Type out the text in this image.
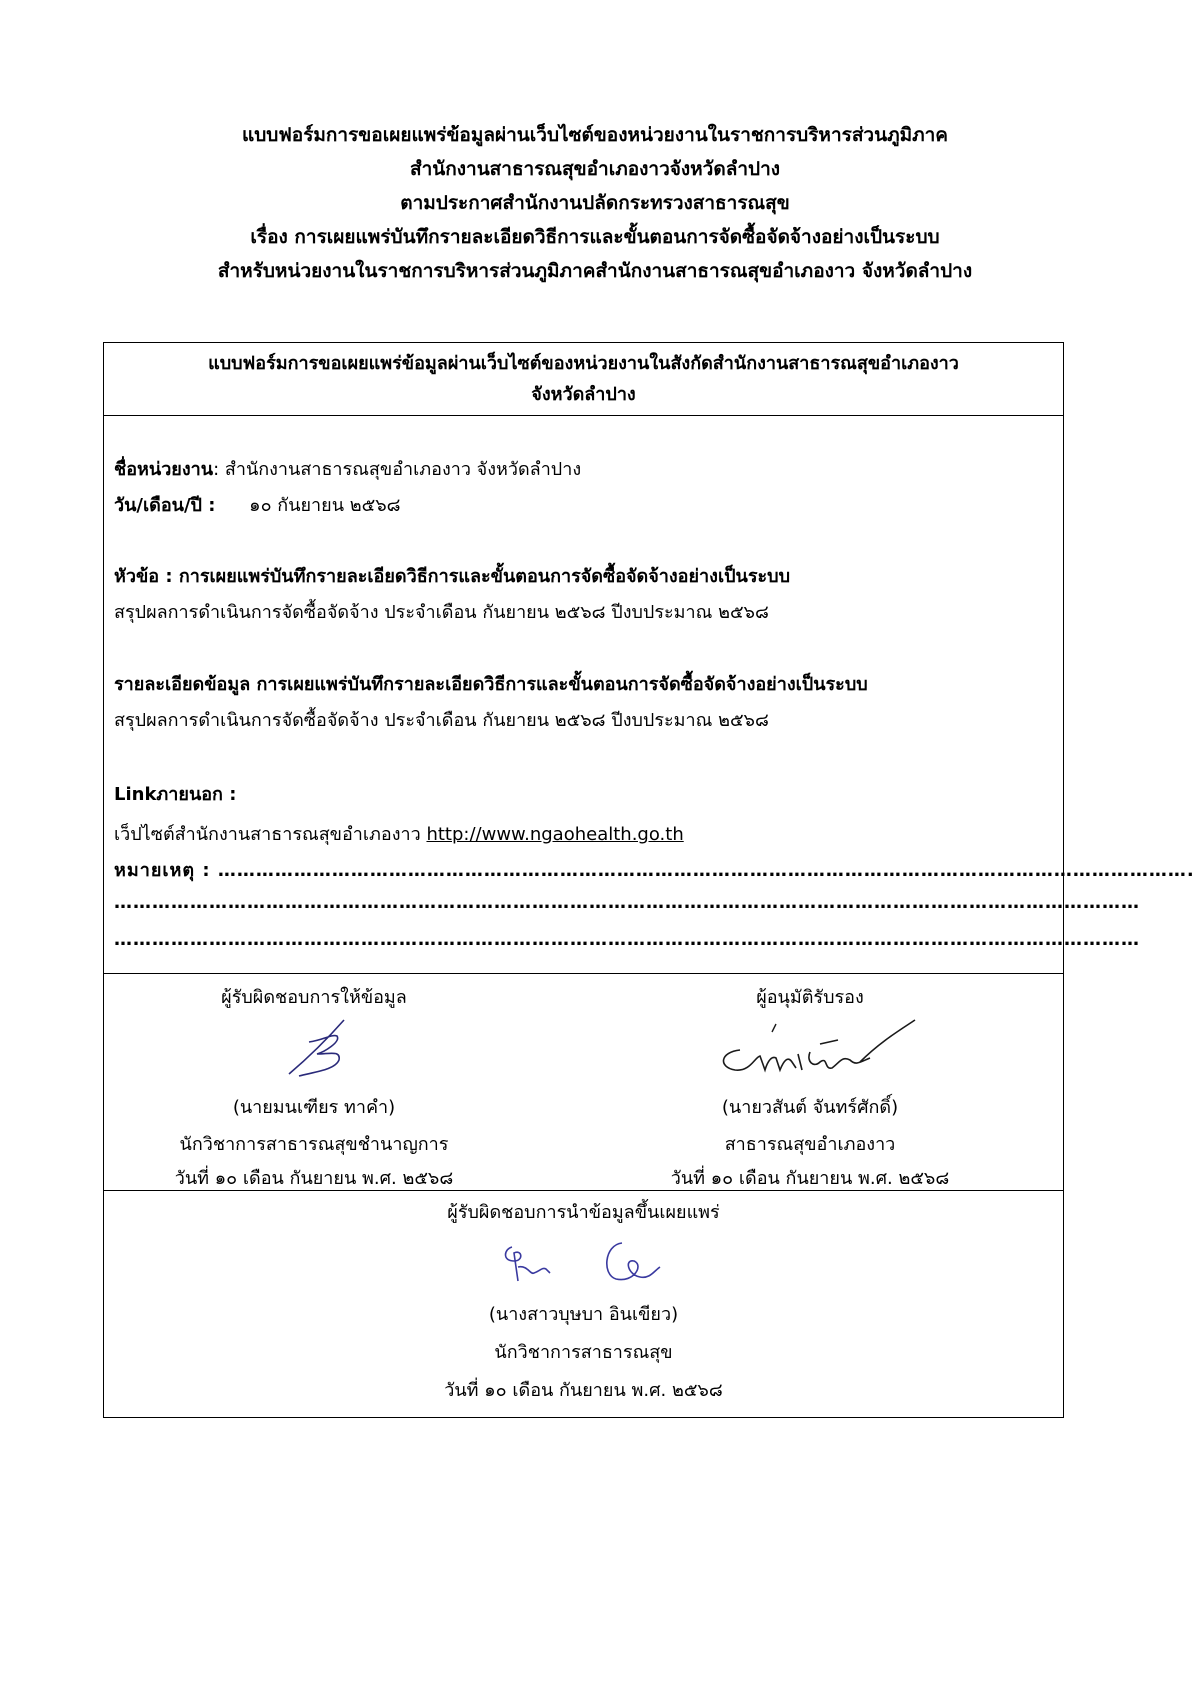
แบบฟอร์มการขอเผยแพร่ข้อมูลผ่านเว็บไซต์ของหน่วยงานในราชการบริหารส่วนภูมิภาค
สำนักงานสาธารณสุขอำเภองาวจังหวัดลำปาง
ตามประกาศสำนักงานปลัดกระทรวงสาธารณสุข
เรื่อง การเผยแพร่บันทึกรายละเอียดวิธีการและขั้นตอนการจัดซื้อจัดจ้างอย่างเป็นระบบ
สำหรับหน่วยงานในราชการบริหารส่วนภูมิภาคสำนักงานสาธารณสุขอำเภองาว จังหวัดลำปาง
แบบฟอร์มการขอเผยแพร่ข้อมูลผ่านเว็บไซต์ของหน่วยงานในสังกัดสำนักงานสาธารณสุขอำเภองาว
จังหวัดลำปาง
ชื่อหน่วยงาน: สำนักงานสาธารณสุขอำเภองาว จังหวัดลำปาง
วัน/เดือน/ปี : ๑๐ กันยายน ๒๕๖๘
หัวข้อ : การเผยแพร่บันทึกรายละเอียดวิธีการและขั้นตอนการจัดซื้อจัดจ้างอย่างเป็นระบบ
สรุปผลการดำเนินการจัดซื้อจัดจ้าง ประจำเดือน กันยายน ๒๕๖๘ ปีงบประมาณ ๒๕๖๘
รายละเอียดข้อมูล การเผยแพร่บันทึกรายละเอียดวิธีการและขั้นตอนการจัดซื้อจัดจ้างอย่างเป็นระบบ
สรุปผลการดำเนินการจัดซื้อจัดจ้าง ประจำเดือน กันยายน ๒๕๖๘ ปีงบประมาณ ๒๕๖๘
Linkภายนอก :
เว็ปไซต์สำนักงานสาธารณสุขอำเภองาว http://www.ngaohealth.go.th
หมายเหตุ : ……………………………………………………………………………………………………………………………………….
………………………………………………………………………………………………………………………………………………
………………………………………………………………………………………………………………………………………………
ผู้รับผิดชอบการให้ข้อมูล
(นายมนเฑียร ทาคำ)
นักวิชาการสาธารณสุขชำนาญการ
วันที่ ๑๐ เดือน กันยายน พ.ศ. ๒๕๖๘
ผู้อนุมัติรับรอง
(นายวสันต์ จันทร์ศักดิ์)
สาธารณสุขอำเภองาว
วันที่ ๑๐ เดือน กันยายน พ.ศ. ๒๕๖๘
ผู้รับผิดชอบการนำข้อมูลขึ้นเผยแพร่
(นางสาวบุษบา อินเขียว)
นักวิชาการสาธารณสุข
วันที่ ๑๐ เดือน กันยายน พ.ศ. ๒๕๖๘
